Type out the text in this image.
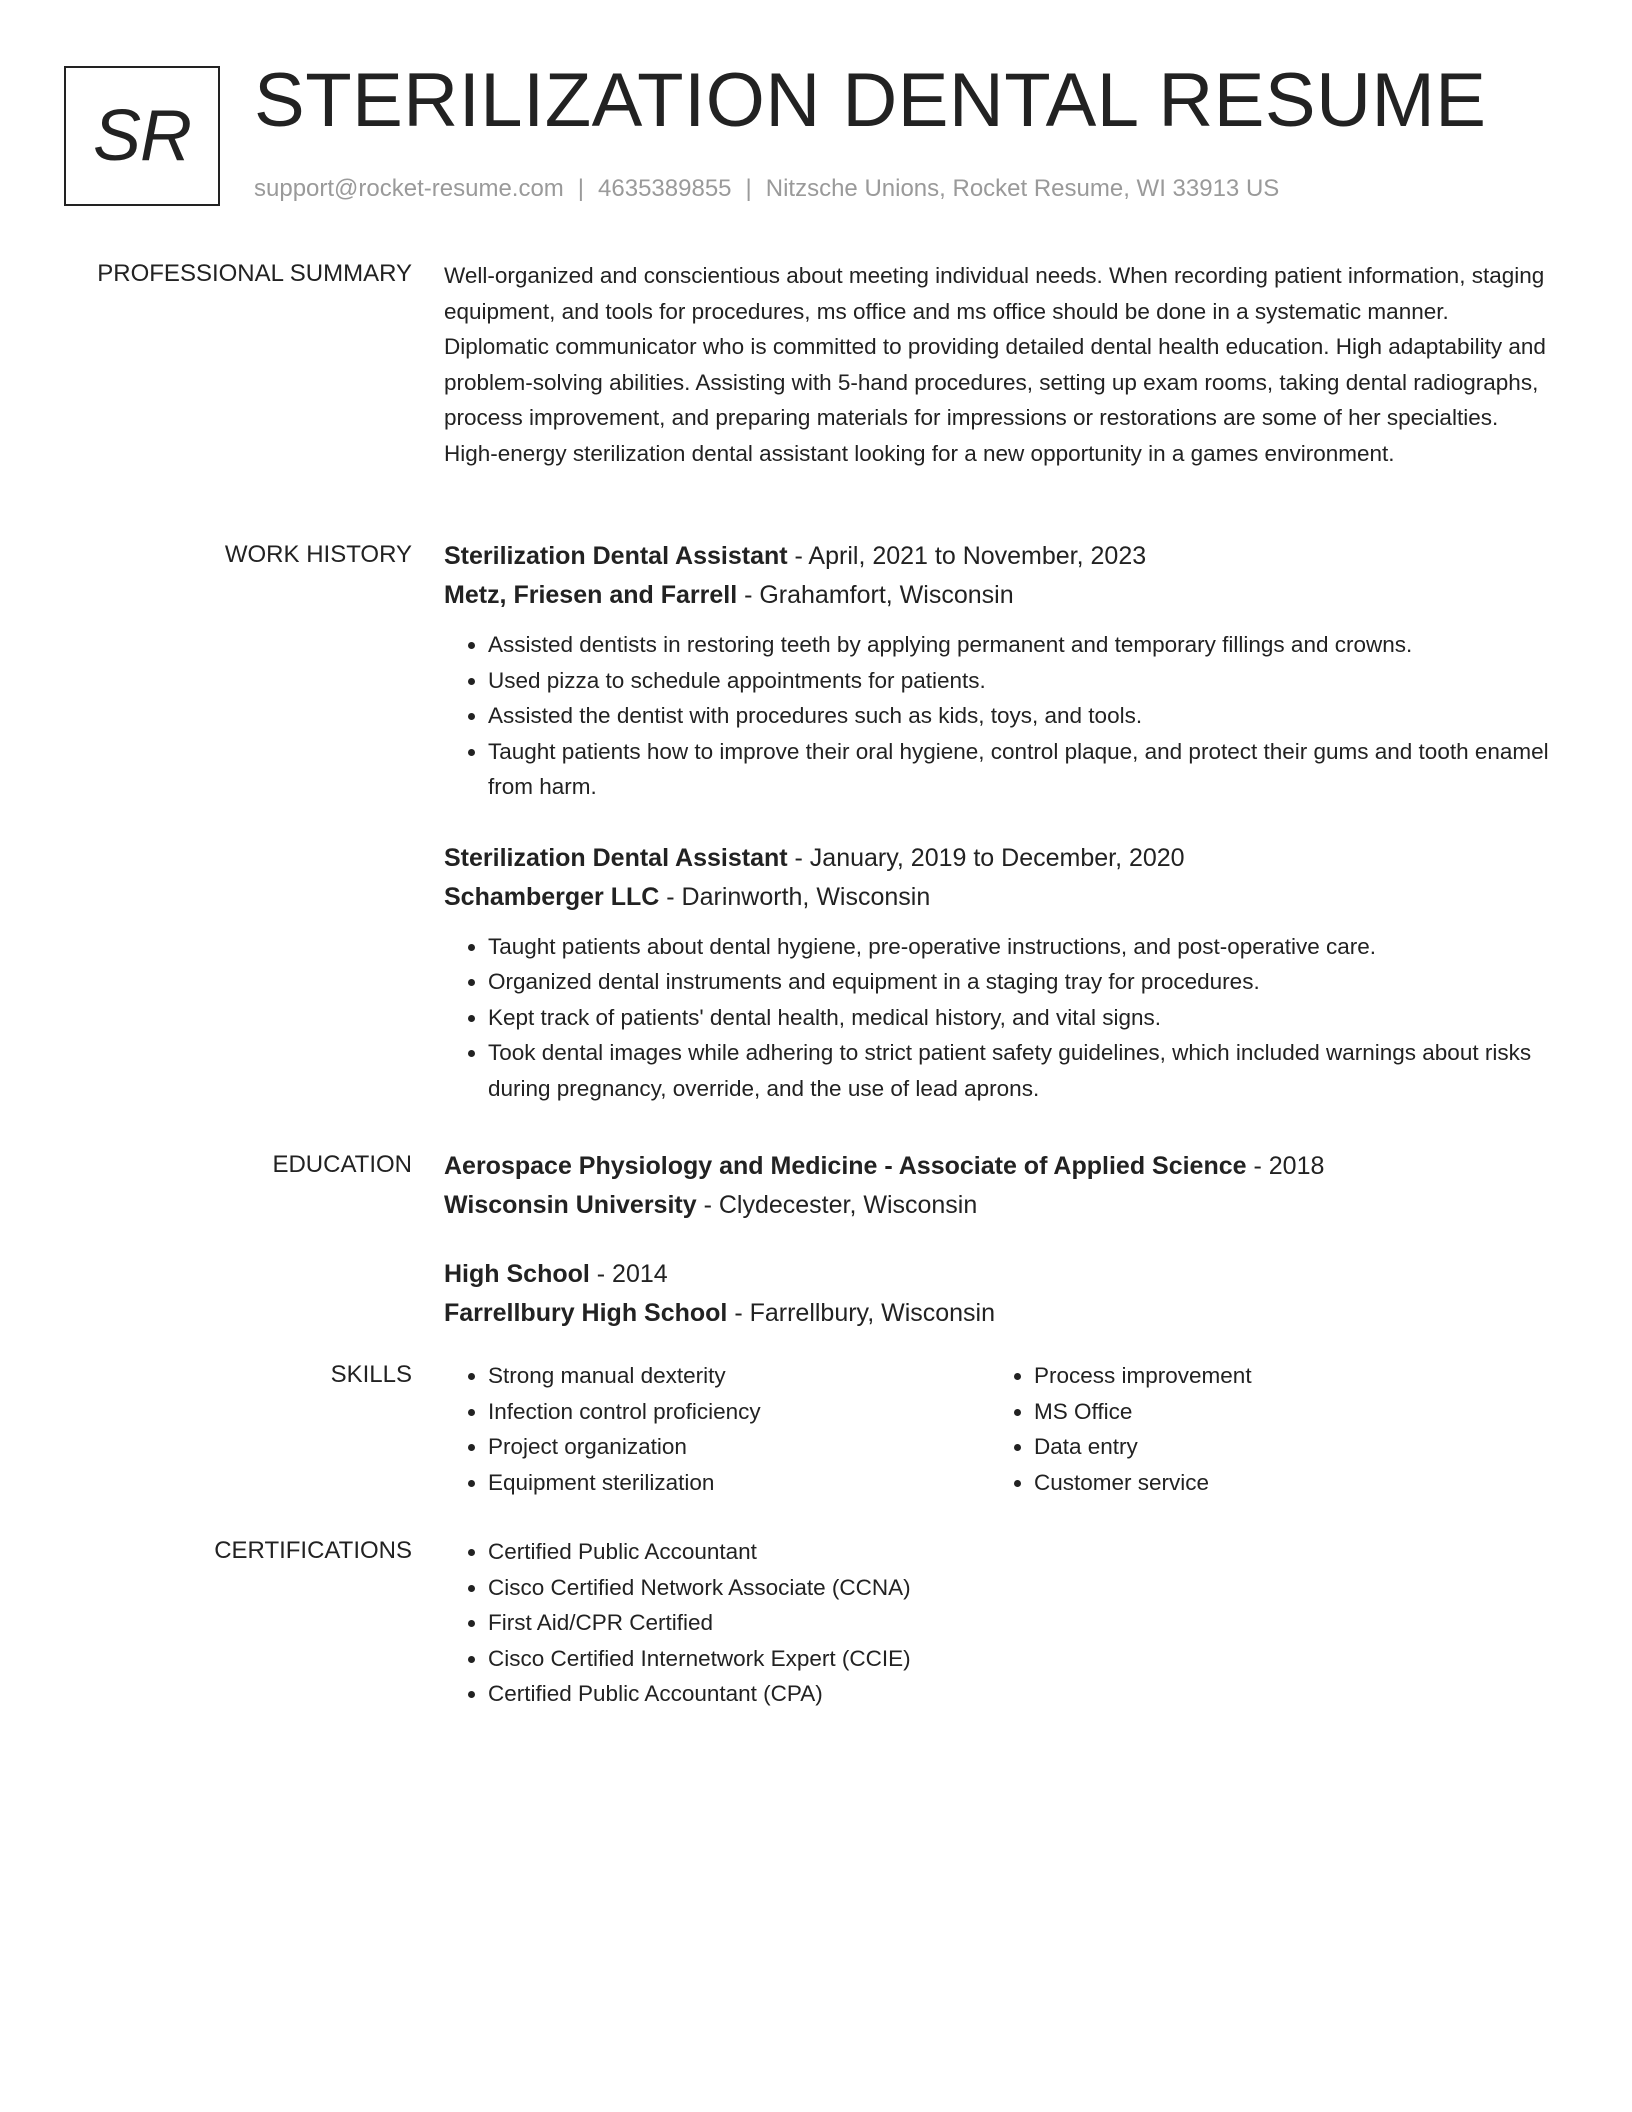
SR STERILIZATION DENTAL RESUME
support@rocket-resume.com | 4635389855 | Nitzsche Unions, Rocket Resume, WI 33913 US
PROFESSIONAL SUMMARY Well-organized and conscientious about meeting individual needs. When recording patient information, staging equipment, and tools for procedures, ms office and ms office should be done in a systematic manner. Diplomatic communicator who is committed to providing detailed dental health education. High adaptability and problem-solving abilities. Assisting with 5-hand procedures, setting up exam rooms, taking dental radiographs, process improvement, and preparing materials for impressions or restorations are some of her specialties. High-energy sterilization dental assistant looking for a new opportunity in a games environment.

WORK HISTORY Sterilization Dental Assistant - April, 2021 to November, 2023
Metz, Friesen and Farrell - Grahamfort, Wisconsin
• Assisted dentists in restoring teeth by applying permanent and temporary fillings and crowns.
• Used pizza to schedule appointments for patients.
• Assisted the dentist with procedures such as kids, toys, and tools.
• Taught patients how to improve their oral hygiene, control plaque, and protect their gums and tooth enamel from harm.
Sterilization Dental Assistant - January, 2019 to December, 2020
Schamberger LLC - Darinworth, Wisconsin
• Taught patients about dental hygiene, pre-operative instructions, and post-operative care.
• Organized dental instruments and equipment in a staging tray for procedures.
• Kept track of patients' dental health, medical history, and vital signs.
• Took dental images while adhering to strict patient safety guidelines, which included warnings about risks during pregnancy, override, and the use of lead aprons.
EDUCATION Aerospace Physiology and Medicine - Associate of Applied Science - 2018
Wisconsin University - Clydecester, Wisconsin
High School - 2014
Farrellbury High School - Farrellbury, Wisconsin
SKILLS	• Strong manual dexterity
• Infection control proficiency
• Project organization
• Equipment sterilization
• Process improvement
• MS Office
• Data entry
• Customer service
CERTIFICATIONS	• Certified Public Accountant
• Cisco Certified Network Associate (CCNA)
• First Aid/CPR Certified
• Cisco Certified Internetwork Expert (CCIE)
• Certified Public Accountant (CPA)
